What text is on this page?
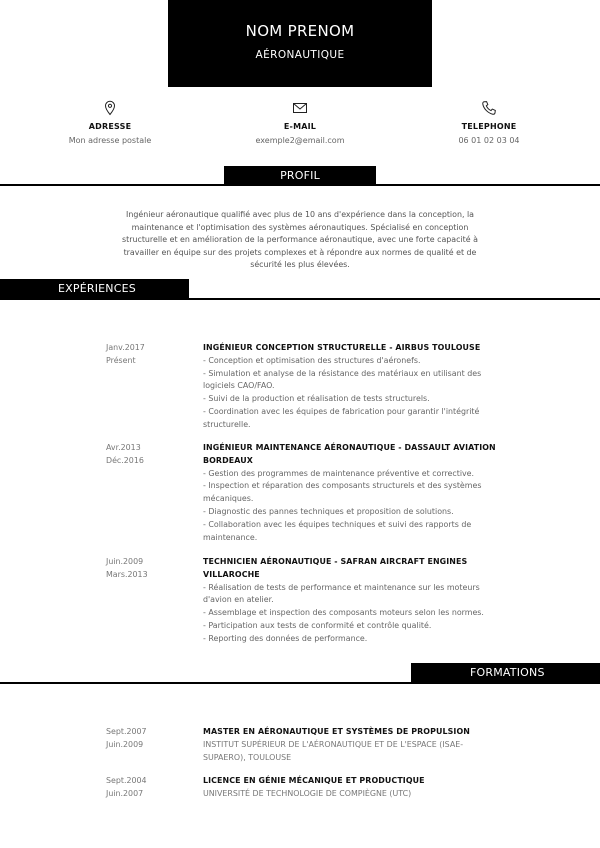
NOM PRENOM
AÉRONAUTIQUE
ADRESSE
Mon adresse postale
E-MAIL
exemple2@email.com
TELEPHONE
06 01 02 03 04
PROFIL
Ingénieur aéronautique qualifié avec plus de 10 ans d'expérience dans la conception, la maintenance et l'optimisation des systèmes aéronautiques. Spécialisé en conception structurelle et en amélioration de la performance aéronautique, avec une forte capacité à travailler en équipe sur des projets complexes et à répondre aux normes de qualité et de sécurité les plus élevées.
EXPÉRIENCES
Janv.2017
Présent
INGÉNIEUR CONCEPTION STRUCTURELLE - AIRBUS TOULOUSE
- Conception et optimisation des structures d'aéronefs.
- Simulation et analyse de la résistance des matériaux en utilisant des logiciels CAO/FAO.
- Suivi de la production et réalisation de tests structurels.
- Coordination avec les équipes de fabrication pour garantir l'intégrité structurelle.
Avr.2013
Déc.2016
INGÉNIEUR MAINTENANCE AÉRONAUTIQUE - DASSAULT AVIATION BORDEAUX
- Gestion des programmes de maintenance préventive et corrective.
- Inspection et réparation des composants structurels et des systèmes mécaniques.
- Diagnostic des pannes techniques et proposition de solutions.
- Collaboration avec les équipes techniques et suivi des rapports de maintenance.
Juin.2009
Mars.2013
TECHNICIEN AÉRONAUTIQUE - SAFRAN AIRCRAFT ENGINES VILLAROCHE
- Réalisation de tests de performance et maintenance sur les moteurs d'avion en atelier.
- Assemblage et inspection des composants moteurs selon les normes.
- Participation aux tests de conformité et contrôle qualité.
- Reporting des données de performance.
FORMATIONS
Sept.2007
Juin.2009
MASTER EN AÉRONAUTIQUE ET SYSTÈMES DE PROPULSION
INSTITUT SUPÉRIEUR DE L'AÉRONAUTIQUE ET DE L'ESPACE (ISAE-SUPAERO), TOULOUSE
Sept.2004
Juin.2007
LICENCE EN GÉNIE MÉCANIQUE ET PRODUCTIQUE
UNIVERSITÉ DE TECHNOLOGIE DE COMPIÈGNE (UTC)
